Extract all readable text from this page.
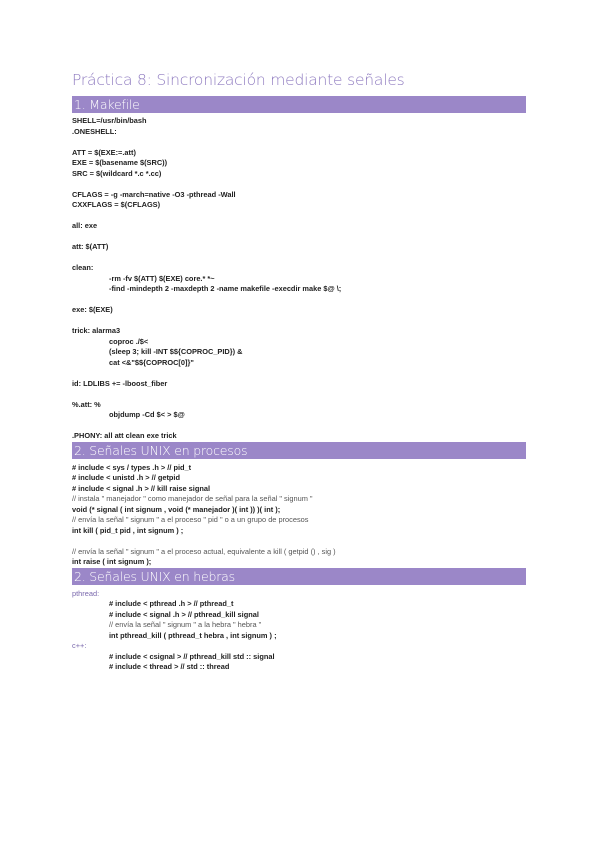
Práctica 8: Sincronización mediante señales
1. Makefile
SHELL=/usr/bin/bash
.ONESHELL:
ATT = $(EXE:=.att)
EXE = $(basename $(SRC))
SRC = $(wildcard *.c *.cc)
CFLAGS = -g -march=native -O3 -pthread -Wall
CXXFLAGS = $(CFLAGS)
all: exe
att: $(ATT)
clean:
-rm -fv $(ATT) $(EXE) core.* *~
-find -mindepth 2 -maxdepth 2 -name makefile -execdir make $@ \;
exe: $(EXE)
trick: alarma3
coproc ./$<
(sleep 3; kill -INT $${COPROC_PID}) &
cat <&"$${COPROC[0]}"
id: LDLIBS += -lboost_fiber
%.att: %
objdump -Cd $< > $@
.PHONY: all att clean exe trick
2. Señales UNIX en procesos
# include < sys / types .h > // pid_t
# include < unistd .h > // getpid
# include < signal .h > // kill raise signal
// instala " manejador " como manejador de señal para la señal " signum "
void (* signal ( int signum , void (* manejador )( int )) )( int );
// envía la señal " signum " a el proceso " pid " o a un grupo de procesos
int kill ( pid_t pid , int signum ) ;
// envía la señal " signum " a el proceso actual, equivalente a kill ( getpid () , sig )
int raise ( int signum );
2. Señales UNIX en hebras
pthread:
# include < pthread .h > // pthread_t
# include < signal .h > // pthread_kill signal
// envía la señal " signum " a la hebra " hebra "
int pthread_kill ( pthread_t hebra , int signum ) ;
c++:
# include < csignal > // pthread_kill std :: signal
# include < thread > // std :: thread
